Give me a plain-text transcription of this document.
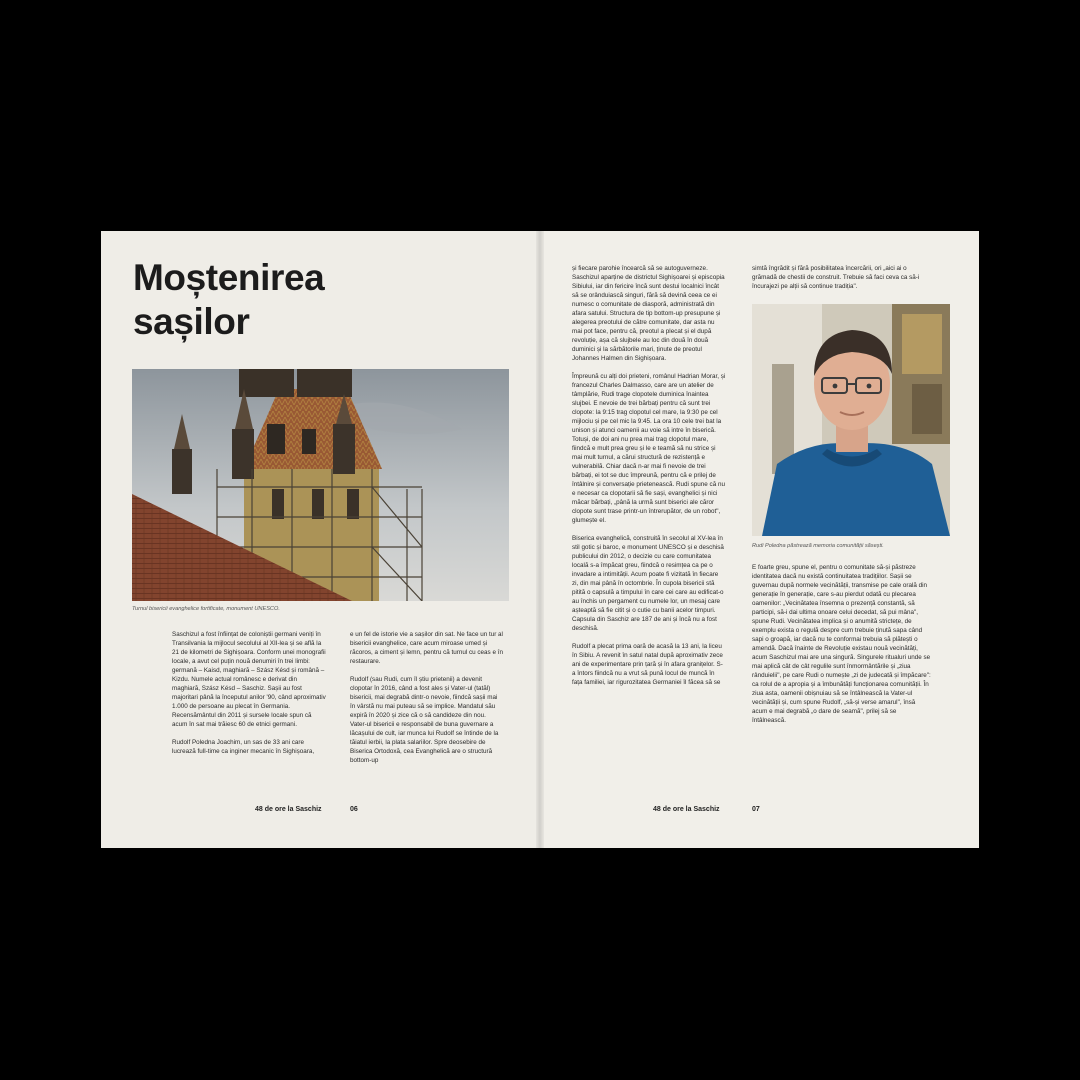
Moștenirea
sașilor
Turnul bisericii evanghelice fortificate, monument UNESCO.

Saschizul a fost înființat de coloniștii germani veniți în Transilvania la mijlocul secolului al XII-lea și se află la 21 de kilometri de Sighișoara. Conform unei monografii locale, a avut cel puțin nouă denumiri în trei limbi: germană – Kaisd, maghiară – Szász Késd și română – Kizdu. Numele actual românesc e derivat din maghiară, Szász Késd – Saschiz. Sașii au fost majoritari până la începutul anilor '90, când aproximativ 1.000 de persoane au plecat în Germania. Recensământul din 2011 și sursele locale spun că acum în sat mai trăiesc 60 de etnici germani.

Rudolf Poledna Joachim, un sas de 33 ani care lucrează full-time ca inginer mecanic în Sighișoara,

e un fel de istorie vie a sașilor din sat. Ne face un tur al bisericii evanghelice, care acum miroase umed și răcoros, a ciment și lemn, pentru că turnul cu ceas e în restaurare.

Rudolf (sau Rudi, cum îl știu prietenii) a devenit clopotar în 2016, când a fost ales și Vater-ul (tatăl) bisericii, mai degrabă dintr-o nevoie, fiindcă sașii mai în vârstă nu mai puteau să se implice. Mandatul său expiră în 2020 și zice că o să candideze din nou. Vater-ul bisericii e responsabil de buna guvernare a lăcașului de cult, iar munca lui Rudolf se întinde de la tăiatul ierbii, la plata salariilor. Spre deosebire de Biserica Ortodoxă, cea Evanghelică are o structură bottom-up

48 de ore la Saschiz	06

și fiecare parohie încearcă să se autoguverneze. Saschizul aparține de districtul Sighișoarei și episcopia Sibiului, iar din fericire încă sunt destui localnici încât să se orânduiască singuri, fără să devină ceea ce ei numesc o comunitate de diasporă, administrată din afara satului. Structura de tip bottom-up presupune și alegerea preotului de către comunitate, dar asta nu mai pot face, pentru că, preotul a plecat și el după revoluție, așa că slujbele au loc din două în două duminici și la sărbătorile mari, ținute de preotul Johannes Halmen din Sighișoara.

Împreună cu alți doi prieteni, românul Hadrian Morar, și francezul Charles Dalmasso, care are un atelier de tâmplărie, Rudi trage clopotele duminica înaintea slujbei. E nevoie de trei bărbați pentru că sunt trei clopote: la 9:15 trag clopotul cel mare, la 9:30 pe cel mijlociu și pe cel mic la 9:45. La ora 10 cele trei bat la unison și atunci oamenii au voie să intre în biserică. Totuși, de doi ani nu prea mai trag clopotul mare, fiindcă e mult prea greu și le e teamă să nu strice și mai mult turnul, a cărui structură de rezistență e vulnerabilă. Chiar dacă n-ar mai fi nevoie de trei bărbați, ei tot se duc împreună, pentru că e prilej de întâlnire și conversație prietenească. Rudi spune că nu e necesar ca clopotarii să fie sași, evanghelici și nici măcar bărbați, „până la urmă sunt biserici ale căror clopote sunt trase printr-un întrerupător, de un robot", glumește el.

Biserica evanghelică, construită în secolul al XV-lea în stil gotic și baroc, e monument UNESCO și e deschisă publicului din 2012, o decizie cu care comunitatea locală s-a împăcat greu, fiindcă o resimțea ca pe o invadare a intimității. Acum poate fi vizitată în fiecare zi, din mai până în octombrie. În cupola bisericii stă pitită o capsulă a timpului în care cei care au edificat-o au închis un pergament cu numele lor, un mesaj care așteaptă să fie citit și o cutie cu banii acelor timpuri. Capsula din Saschiz are 187 de ani și încă nu a fost deschisă.

Rudolf a plecat prima oară de acasă la 13 ani, la liceu în Sibiu. A revenit în satul natal după aproximativ zece ani de experimentare prin țară și în afara granițelor. S-a întors fiindcă nu a vrut să pună locul de muncă în fața familiei, iar rigurozitatea Germaniei îl făcea să se

simtă îngrădit și fără posibilitatea încercării, ori „aici ai o grămadă de chestii de construit. Trebuie să faci ceva ca să-i încurajezi pe alții să continue tradiția".

Rudi Poledna păstrează memoria comunității săsești.

E foarte greu, spune el, pentru o comunitate să-și păstreze identitatea dacă nu există continuitatea tradițiilor. Sașii se guvernau după normele vecinătății, transmise pe cale orală din generație în generație, care s-au pierdut odată cu plecarea oamenilor: „Vecinătatea însemna o prezență constantă, să participi, să-i dai ultima onoare celui decedat, să pui mâna", spune Rudi. Vecinătatea implica și o anumită strictețe, de exemplu exista o regulă despre cum trebuie ținută sapa când sapi o groapă, iar dacă nu te conformai trebuia să plătești o amendă. Dacă înainte de Revoluție existau nouă vecinătăți, acum Saschizul mai are una singură. Singurele ritualuri unde se mai aplică cât de cât regulile sunt înmormântările și „ziua rânduielii", pe care Rudi o numește „zi de judecată și împăcare": ca rolul de a apropia și a îmbunătăți funcționarea comunității. În ziua asta, oamenii obișnuiau să se întâlnească la Vater-ul vecinătății și, cum spune Rudolf, „să-și verse amarul", însă acum e mai degrabă „o dare de seamă", prilej să se întâlnească.

48 de ore la Saschiz	07
